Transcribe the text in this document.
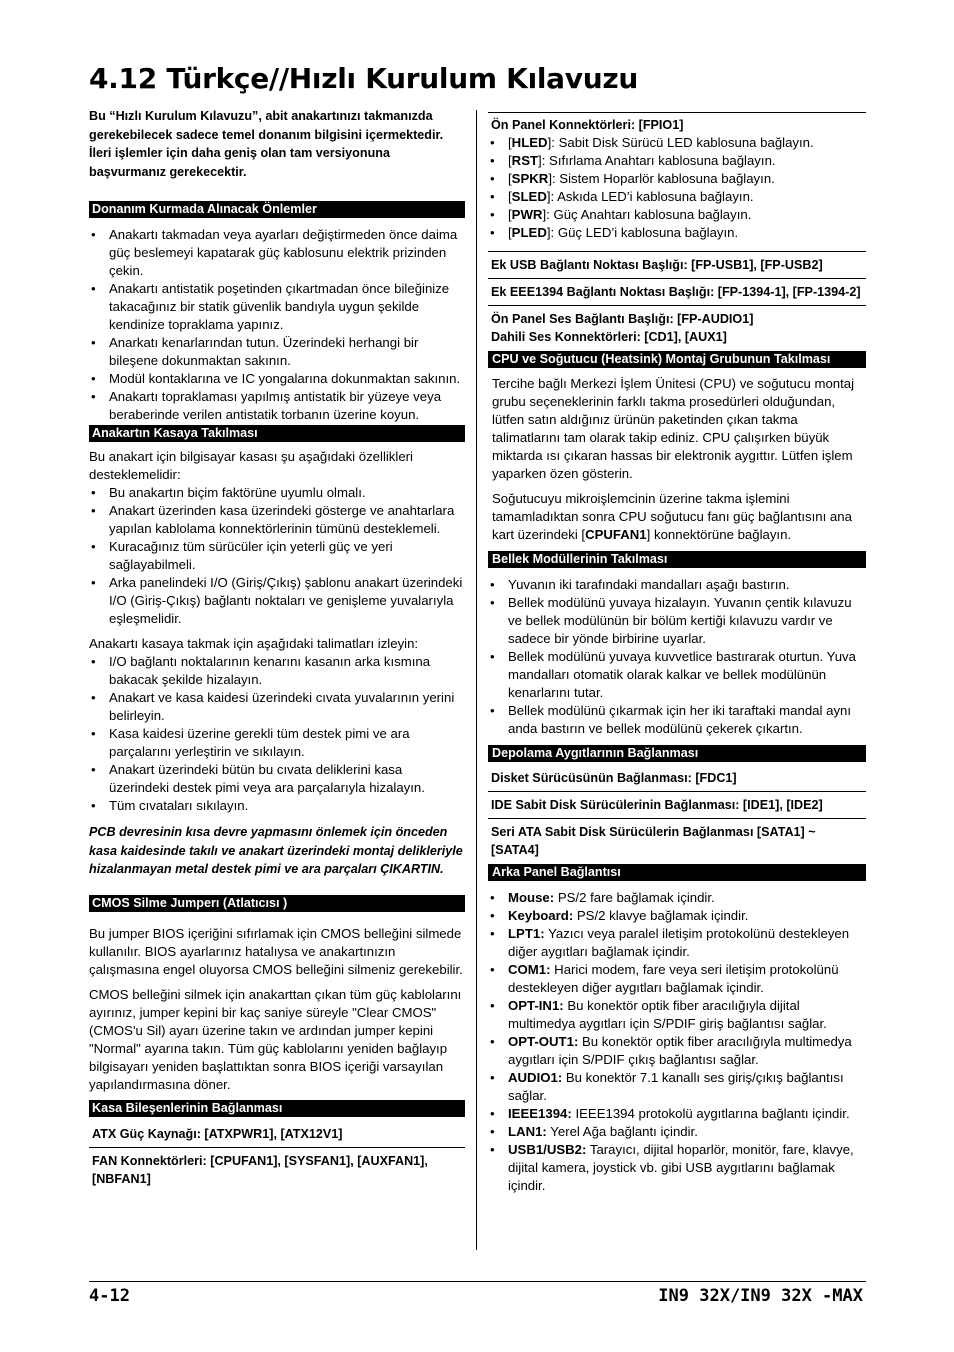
4.12 Türkçe//Hızlı Kurulum Kılavuzu

Bu “Hızlı Kurulum Kılavuzu”, abit anakartınızı takmanızda gerekebilecek sadece temel donanım bilgisini içermektedir. İleri işlemler için daha geniş olan tam versiyonuna başvurmanız gerekecektir.

Donanım Kurmada Alınacak Önlemler
• Anakartı takmadan veya ayarları değiştirmeden önce daima güç beslemeyi kapatarak güç kablosunu elektrik prizinden çekin.
• Anakartı antistatik poşetinden çıkartmadan önce bileğinize takacağınız bir statik güvenlik bandıyla uygun şekilde kendinize topraklama yapınız.
• Anarkatı kenarlarından tutun. Üzerindeki herhangi bir bileşene dokunmaktan sakının.
• Modül kontaklarına ve IC yongalarına dokunmaktan sakının.
• Anakartı topraklaması yapılmış antistatik bir yüzeye veya beraberinde verilen antistatik torbanın üzerine koyun.
Anakartın Kasaya Takılması

Bu anakart için bilgisayar kasası şu aşağıdaki özellikleri desteklemelidir:

• Bu anakartın biçim faktörüne uyumlu olmalı.
• Anakart üzerinden kasa üzerindeki gösterge ve anahtarlara yapılan kablolama konnektörlerinin tümünü desteklemeli.
• Kuracağınız tüm sürücüler için yeterli güç ve yeri sağlayabilmeli.
• Arka panelindeki I/O (Giriş/Çıkış) şablonu anakart üzerindeki I/O (Giriş-Çıkış) bağlantı noktaları ve genişleme yuvalarıyla eşleşmelidir.

Anakartı kasaya takmak için aşağıdaki talimatları izleyin:

• I/O bağlantı noktalarının kenarını kasanın arka kısmına bakacak şekilde hizalayın.
• Anakart ve kasa kaidesi üzerindeki cıvata yuvalarının yerini belirleyin.
• Kasa kaidesi üzerine gerekli tüm destek pimi ve ara parçalarını yerleştirin ve sıkılayın.
• Anakart üzerindeki bütün bu cıvata deliklerini kasa üzerindeki destek pimi veya ara parçalarıyla hizalayın.
• Tüm cıvataları sıkılayın.

PCB devresinin kısa devre yapmasını önlemek için önceden kasa kaidesinde takılı ve anakart üzerindeki montaj delikleriyle hizalanmayan metal destek pimi ve ara parçaları ÇIKARTIN.

CMOS Silme Jumperı (Atlatıcısı )

Bu jumper BIOS içeriğini sıfırlamak için CMOS belleğini silmede kullanılır. BIOS ayarlarınız hatalıysa ve anakartınızın çalışmasına engel oluyorsa CMOS belleğini silmeniz gerekebilir.

CMOS belleğini silmek için anakarttan çıkan tüm güç kablolarını ayırınız, jumper kepini bir kaç saniye süreyle "Clear CMOS" (CMOS'u Sil) ayarı üzerine takın ve ardından jumper kepini "Normal" ayarına takın. Tüm güç kablolarını yeniden bağlayıp bilgisayarı yeniden başlattıktan sonra BIOS içeriği varsayılan yapılandırmasına döner.

Kasa Bileşenlerinin Bağlanması
ATX Güç Kaynağı: [ATXPWR1], [ATX12V1]
FAN Konnektörleri: [CPUFAN1], [SYSFAN1], [AUXFAN1], [NBFAN1]
Ön Panel Konnektörleri: [FPIO1]
• [HLED]: Sabit Disk Sürücü LED kablosuna bağlayın.
• [RST]: Sıfırlama Anahtarı kablosuna bağlayın.
• [SPKR]: Sistem Hoparlör kablosuna bağlayın.
• [SLED]: Askıda LED’i kablosuna bağlayın.
• [PWR]: Güç Anahtarı kablosuna bağlayın.
• [PLED]: Güç LED’i kablosuna bağlayın.
Ek USB Bağlantı Noktası Başlığı: [FP-USB1], [FP-USB2]
Ek EEE1394 Bağlantı Noktası Başlığı: [FP-1394-1], [FP-1394-2]
Ön Panel Ses Bağlantı Başlığı: [FP-AUDIO1]
Dahili Ses Konnektörleri: [CD1], [AUX1]
CPU ve Soğutucu (Heatsink) Montaj Grubunun Takılması

Tercihe bağlı Merkezi İşlem Ünitesi (CPU) ve soğutucu montaj grubu seçeneklerinin farklı takma prosedürleri olduğundan, lütfen satın aldığınız ürünün paketinden çıkan takma talimatlarını tam olarak takip ediniz. CPU çalışırken büyük miktarda ısı çıkaran hassas bir elektronik aygıttır. Lütfen işlem yaparken özen gösterin.

Soğutucuyu mikroişlemcinin üzerine takma işlemini tamamladıktan sonra CPU soğutucu fanı güç bağlantısını ana kart üzerindeki [CPUFAN1] konnektörüne bağlayın.

Bellek Modüllerinin Takılması
• Yuvanın iki tarafındaki mandalları aşağı bastırın.
• Bellek modülünü yuvaya hizalayın. Yuvanın çentik kılavuzu ve bellek modülünün bir bölüm kertiği kılavuzu vardır ve sadece bir yönde birbirine uyarlar.
• Bellek modülünü yuvaya kuvvetlice bastırarak oturtun. Yuva mandalları otomatik olarak kalkar ve bellek modülünün kenarlarını tutar.
• Bellek modülünü çıkarmak için her iki taraftaki mandal aynı anda bastırın ve bellek modülünü çekerek çıkartın.
Depolama Aygıtlarının Bağlanması
Disket Sürücüsünün Bağlanması: [FDC1]
IDE Sabit Disk Sürücülerinin Bağlanması: [IDE1], [IDE2]
Seri ATA Sabit Disk Sürücülerin Bağlanması [SATA1] ~ [SATA4]
Arka Panel Bağlantısı
• Mouse: PS/2 fare bağlamak içindir.
• Keyboard: PS/2 klavye bağlamak içindir.
• LPT1: Yazıcı veya paralel iletişim protokolünü destekleyen diğer aygıtları bağlamak içindir.
• COM1: Harici modem, fare veya seri iletişim protokolünü destekleyen diğer aygıtları bağlamak içindir.
• OPT-IN1: Bu konektör optik fiber aracılığıyla dijital multimedya aygıtları için S/PDIF giriş bağlantısı sağlar.
• OPT-OUT1: Bu konektör optik fiber aracılığıyla multimedya aygıtları için S/PDIF çıkış bağlantısı sağlar.
• AUDIO1: Bu konektör 7.1 kanallı ses giriş/çıkış bağlantısı sağlar.
• IEEE1394: IEEE1394 protokolü aygıtlarına bağlantı içindir.
• LAN1: Yerel Ağa bağlantı içindir.
• USB1/USB2: Tarayıcı, dijital hoparlör, monitör, fare, klavye, dijital kamera, joystick vb. gibi USB aygıtlarını bağlamak içindir.
4-12	IN9 32X/IN9 32X -MAX
